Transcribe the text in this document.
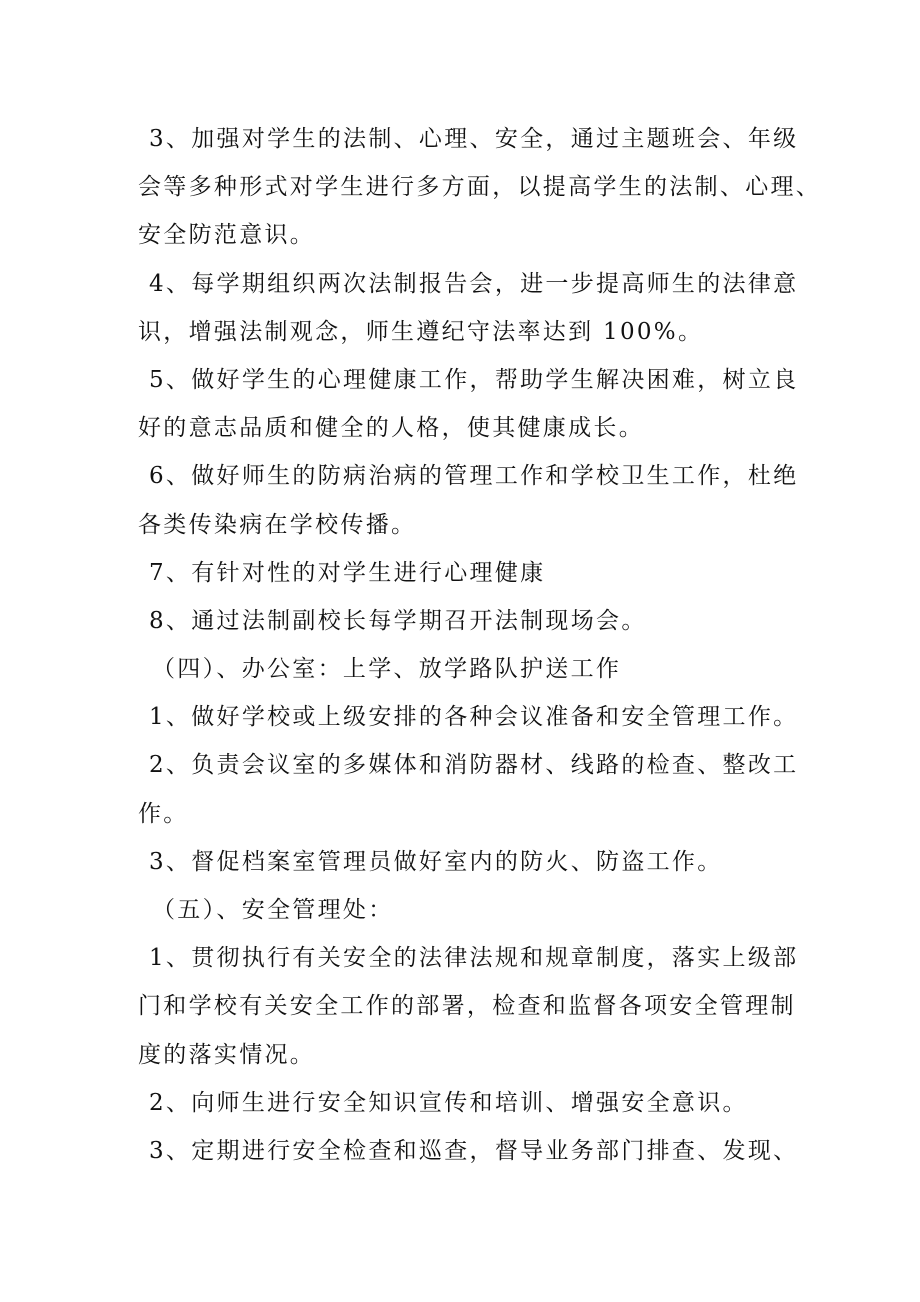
3、加强对学生的法制、心理、安全，通过主题班会、年级
会等多种形式对学生进行多方面，以提高学生的法制、心理、
安全防范意识。
4、每学期组织两次法制报告会，进一步提高师生的法律意
识，增强法制观念，师生遵纪守法率达到 100%。
5、做好学生的心理健康工作，帮助学生解决困难，树立良
好的意志品质和健全的人格，使其健康成长。
6、做好师生的防病治病的管理工作和学校卫生工作，杜绝
各类传染病在学校传播。
7、有针对性的对学生进行心理健康
8、通过法制副校长每学期召开法制现场会。
（四）、办公室：上学、放学路队护送工作
1、做好学校或上级安排的各种会议准备和安全管理工作。
2、负责会议室的多媒体和消防器材、线路的检查、整改工
作。
3、督促档案室管理员做好室内的防火、防盗工作。
（五）、安全管理处：
1、贯彻执行有关安全的法律法规和规章制度，落实上级部
门和学校有关安全工作的部署，检查和监督各项安全管理制
度的落实情况。
2、向师生进行安全知识宣传和培训、增强安全意识。
3、定期进行安全检查和巡查，督导业务部门排查、发现、
